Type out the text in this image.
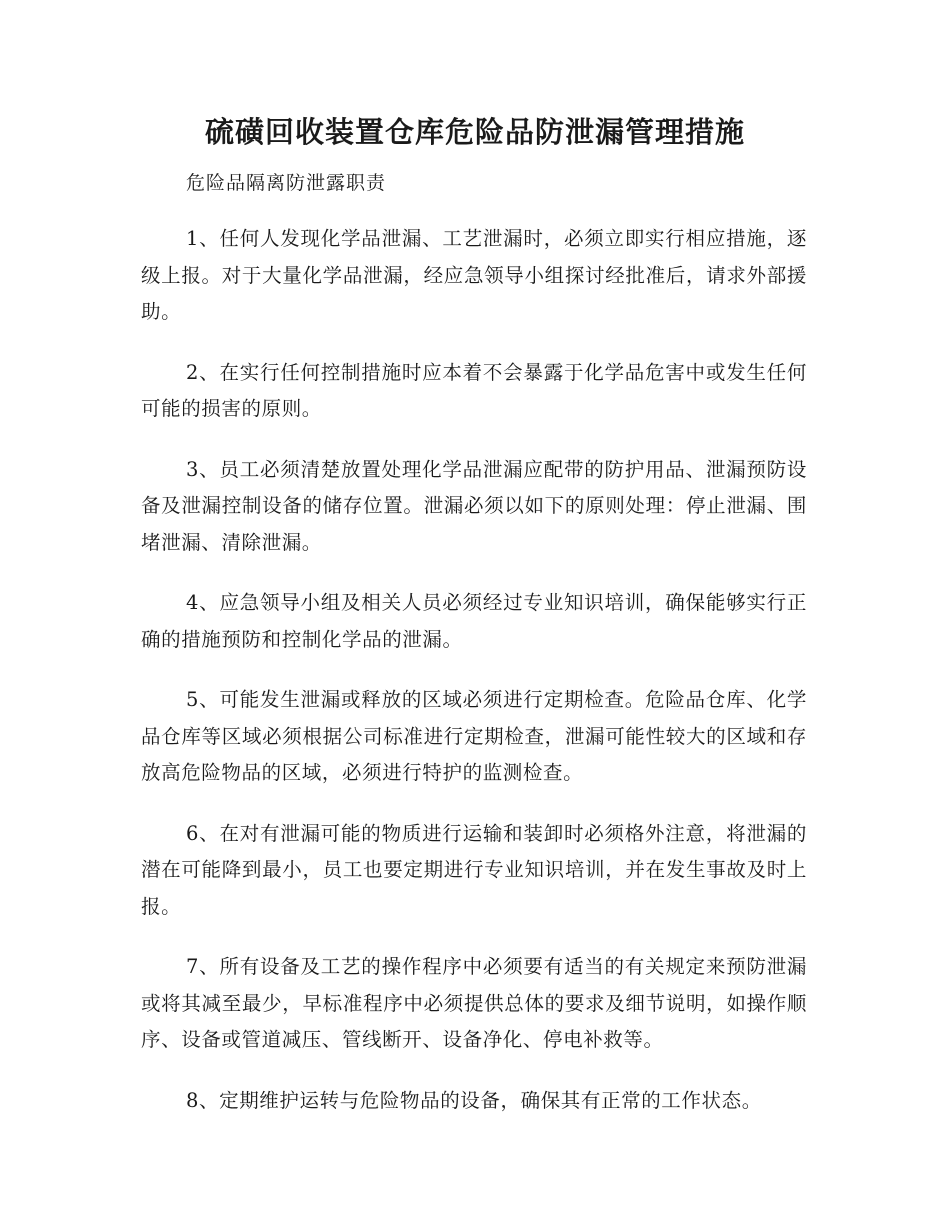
硫磺回收装置仓库危险品防泄漏管理措施

危险品隔离防泄露职责

1、任何人发现化学品泄漏、工艺泄漏时，必须立即实行相应措施，逐级上报。对于大量化学品泄漏，经应急领导小组探讨经批准后，请求外部援助。

2、在实行任何控制措施时应本着不会暴露于化学品危害中或发生任何可能的损害的原则。

3、员工必须清楚放置处理化学品泄漏应配带的防护用品、泄漏预防设备及泄漏控制设备的储存位置。泄漏必须以如下的原则处理：停止泄漏、围堵泄漏、清除泄漏。

4、应急领导小组及相关人员必须经过专业知识培训，确保能够实行正确的措施预防和控制化学品的泄漏。

5、可能发生泄漏或释放的区域必须进行定期检查。危险品仓库、化学品仓库等区域必须根据公司标准进行定期检查，泄漏可能性较大的区域和存放高危险物品的区域，必须进行特护的监测检查。

6、在对有泄漏可能的物质进行运输和装卸时必须格外注意，将泄漏的潜在可能降到最小，员工也要定期进行专业知识培训，并在发生事故及时上报。

7、所有设备及工艺的操作程序中必须要有适当的有关规定来预防泄漏或将其减至最少，早标准程序中必须提供总体的要求及细节说明，如操作顺序、设备或管道减压、管线断开、设备净化、停电补救等。

8、定期维护运转与危险物品的设备，确保其有正常的工作状态。
